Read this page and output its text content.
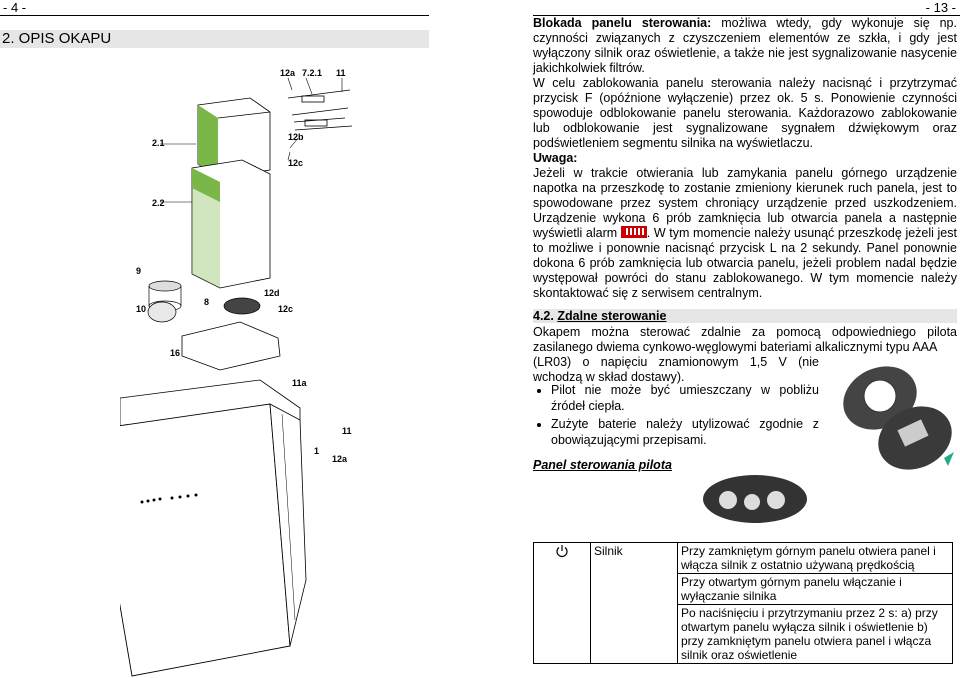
- 4 -	- 13 -
2. OPIS OKAPU
12a 7.2.1 11
12b
2.1
12c
2.2
9
10
8
12d
12c
16
11a
11
1
12a

Blokada panelu sterowania: możliwa wtedy, gdy wykonuje się np. czynności związanych z czyszczeniem elementów ze szkła, i gdy jest wyłączony silnik oraz oświetlenie, a także nie jest sygnalizowanie nasycenie jakichkolwiek filtrów.

W celu zablokowania panelu sterowania należy nacisnąć i przytrzymać przycisk F (opóźnione wyłączenie) przez ok. 5 s. Ponowienie czynności spowoduje odblokowanie panelu sterowania. Każdorazowo zablokowanie lub odblokowanie jest sygnalizowane sygnałem dźwiękowym oraz podświetleniem segmentu silnika na wyświetlaczu.

Uwaga:

Jeżeli w trakcie otwierania lub zamykania panelu górnego urządzenie napotka na przeszkodę to zostanie zmieniony kierunek ruch panela, jest to spowodowane przez system chroniący urządzenie przed uszkodzeniem. Urządzenie wykona 6 prób zamknięcia lub otwarcia panela a następnie wyświetli alarm . W tym momencie należy usunąć przeszkodę jeżeli jest to możliwe i ponownie nacisnąć przycisk L na 2 sekundy. Panel ponownie dokona 6 prób zamknięcia lub otwarcia panelu, jeżeli problem nadal będzie występował powróci do stanu zablokowanego. W tym momencie należy skontaktować się z serwisem centralnym.

4.2. Zdalne sterowanie

Okapem można sterować zdalnie za pomocą odpowiedniego pilota zasilanego dwiema cynkowo-węglowymi bateriami alkalicznymi typu AAA

(LR03) o napięciu znamionowym 1,5 V (nie wchodzą w skład dostawy).

• Pilot nie może być umieszczany w pobliżu źródeł ciepła.
• Zużyte baterie należy utylizować zgodnie z obowiązującymi przepisami.
Panel sterowania pilota
	Silnik	Przy zamkniętym górnym panelu otwiera panel i włącza silnik z ostatnio używaną prędkością
Przy otwartym górnym panelu włączanie i wyłączanie silnika
Po naciśnięciu i przytrzymaniu przez 2 s: a) przy otwartym panelu wyłącza silnik i oświetlenie b) przy zamkniętym panelu otwiera panel i włącza silnik oraz oświetlenie
